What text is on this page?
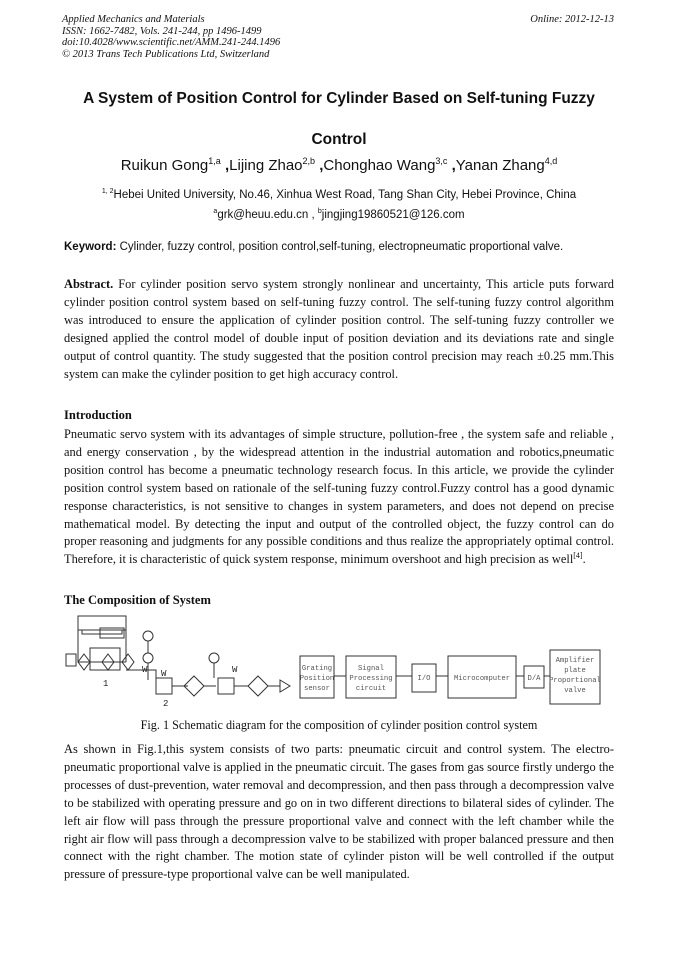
Applied Mechanics and Materials
ISSN: 1662-7482, Vols. 241-244, pp 1496-1499
doi:10.4028/www.scientific.net/AMM.241-244.1496
© 2013 Trans Tech Publications Ltd, Switzerland
Online: 2012-12-13
A System of Position Control for Cylinder Based on Self-tuning Fuzzy
Control
Ruikun Gong$^{1,a}$ ,Lijing Zhao$^{2,b}$ ,Chonghao Wang$^{3,c}$ ,Yanan Zhang$^{4,d}$
$^{1, 2}$Hebei United University, No.46, Xinhua West Road, Tang Shan City, Hebei Province, China
$^a$grk@heuu.edu.cn , $^b$jingjing19860521@126.com
Keyword: Cylinder, fuzzy control, position control,self-tuning, electropneumatic proportional valve.
Abstract. For cylinder position servo system strongly nonlinear and uncertainty, This article puts forward cylinder position control system based on self-tuning fuzzy control. The self-tuning fuzzy control algorithm was introduced to ensure the application of cylinder position control. The self-tuning fuzzy controller we designed applied the control model of double input of position deviation and its deviations rate and single output of control quantity. The study suggested that the position control precision may reach ±0.25 mm.This system can make the cylinder position to get high accuracy control.
Introduction
Pneumatic servo system with its advantages of simple structure, pollution-free , the system safe and reliable , and energy conservation , by the widespread attention in the industrial automation and robotics,pneumatic position control has become a pneumatic technology research focus. In this article, we provide the cylinder position control system based on rationale of the self-tuning fuzzy control.Fuzzy control has a good dynamic response characteristics, is not sensitive to changes in system parameters, and does not depend on precise mathematical model. By detecting the input and output of the controlled object, the fuzzy control can do proper reasoning and judgments for any possible conditions and thus realize the appropriately optimal control. Therefore, it is characteristic of quick system response, minimum overshoot and high precision as well[4].
The Composition of System
1
2
W W	W	Grating
Position
sensor
Signal
Processing
circuit
I/O	Microcomputer D/A
Amplifier
plate
Proportional
valve
Fig. 1 Schematic diagram for the composition of cylinder position control system
As shown in Fig.1,this system consists of two parts: pneumatic circuit and control system. The electro-pneumatic proportional valve is applied in the pneumatic circuit. The gases from gas source firstly undergo the processes of dust-prevention, water removal and decompression, and then pass through a decompression valve to be stabilized with operating pressure and go on in two different directions to bilateral sides of cylinder. The left air flow will pass through the pressure proportional valve and connect with the left chamber while the right air flow will pass through a decompression valve to be stabilized with proper balanced pressure and then connect with the right chamber. The motion state of cylinder piston will be well controlled if the output pressure of pressure-type proportional valve can be well manipulated.
